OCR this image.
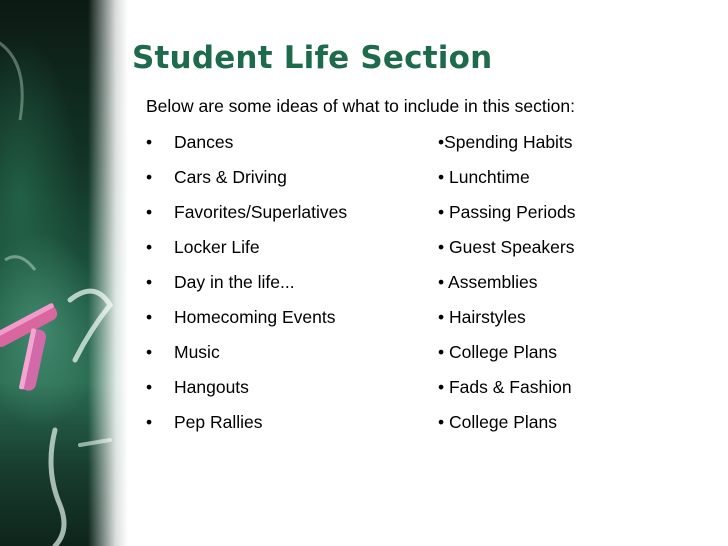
Student Life Section
Below are some ideas of what to include in this section:
•	Dances
•	Cars & Driving
•	Favorites/Superlatives
•	Locker Life
•	Day in the life...
•	Homecoming Events
•	Music
•	Hangouts
•	Pep Rallies
•Spending Habits
• Lunchtime
• Passing Periods
• Guest Speakers
• Assemblies
• Hairstyles
• College Plans
• Fads & Fashion
• College Plans
